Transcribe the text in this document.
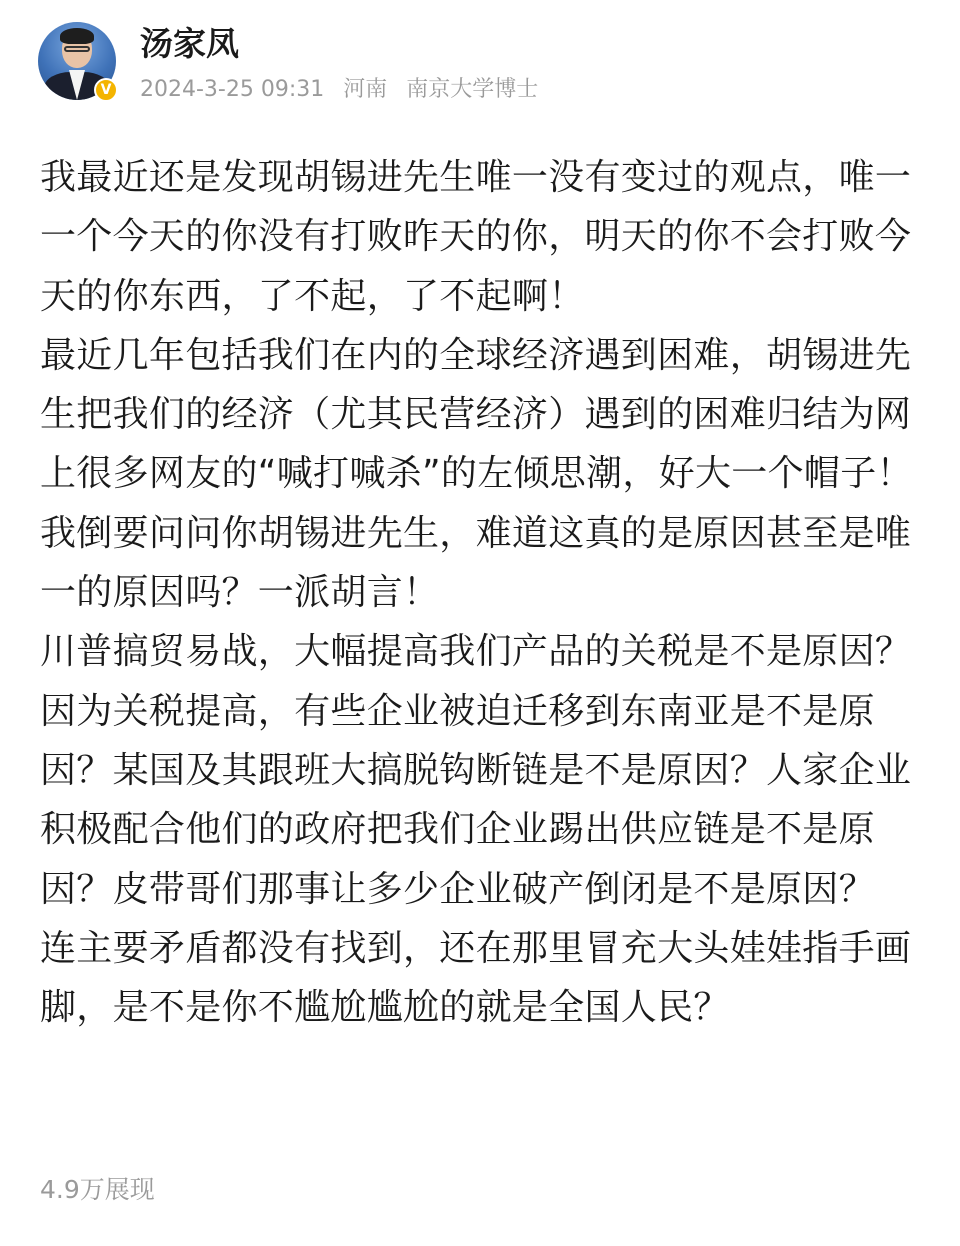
V
汤家凤
2024-3-25 09:31 河南 南京大学博士

我最近还是发现胡锡进先生唯一没有变过的观点，唯一一个今天的你没有打败昨天的你，明天的你不会打败今天的你东西，了不起，了不起啊！

最近几年包括我们在内的全球经济遇到困难，胡锡进先生把我们的经济（尤其民营经济）遇到的困难归结为网上很多网友的“喊打喊杀”的左倾思潮，好大一个帽子！

我倒要问问你胡锡进先生，难道这真的是原因甚至是唯一的原因吗？一派胡言！

川普搞贸易战，大幅提高我们产品的关税是不是原因？因为关税提高，有些企业被迫迁移到东南亚是不是原因？某国及其跟班大搞脱钩断链是不是原因？人家企业积极配合他们的政府把我们企业踢出供应链是不是原因？皮带哥们那事让多少企业破产倒闭是不是原因？

连主要矛盾都没有找到，还在那里冒充大头娃娃指手画脚，是不是你不尴尬尴尬的就是全国人民？

4.9万展现
